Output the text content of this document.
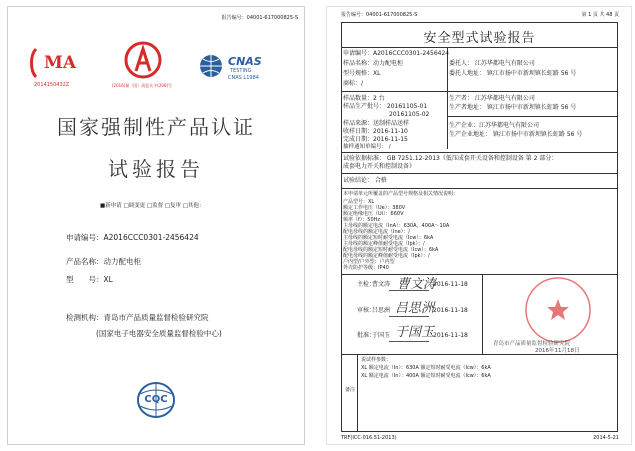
报告编号：04001-617000825-S
MA
2014150432Z	(2016)量（国）质监认字(208)号
CNAS
TESTING
CNAS L1984
国家强制性产品认证
试验报告
■新申请 □调变更 □监督 □复审 □其他：
申请编号：A2016CCC0301-2456424
产品名称：动力配电柜
型　　号：XL
检测机构：青岛市产品质量监督检验研究院
(国家电子电器安全质量监督检验中心)
CQC
报告编号：04001-617000825-S	第 1 页 共 48 页
安全型式试验报告
申请编号：A2016CCC0301-2456424
样品名称：动力配电柜
型号规格：XL
商标：/
样品数量：2 台
样品生产批号： 20161105-01
20161105-02
样品来源：送制样品送样
收样日期：2016-11-10
完成日期：2016-11-15
抽样通知单编号： /
委托人： 江苏华都电气有限公司
委托人地址： 镇江市扬中市新坝镇长虹路 56 号
生产者： 江苏华都电气有限公司
生产者地址： 镇江市扬中市新坝镇长虹路 56 号
生产企业：江苏华都电气有限公司
生产企业地址： 镇江市扬中市新坝镇长虹路 56 号
试验依据标准： GB 7251.12-2013《低压成套开关设备和控制设备 第 2 部分：
成套电力开关和控制设备》
试验结论： 合格
本申请单元所覆盖的产品型号规格及相关情况说明：
产品型号：XL
额定工作电压（Ue）：380V
额定绝缘电压（Ui）：660V
频率（f）：50Hz
主母线的额定电流（InA）：630A，400A～10A
配电母线的额定电流（Ine）：/
主母线的额定短时耐受电流（Icw）：6kA
主母线的额定峰值耐受电流（Ipk）：/
配电母线的额定短时耐受电流（Icw）：6kA
配电母线的额定峰值耐受电流（Ipk）：/
户内型/户外型：户内型
外壳防护等级：IP40
主检：
曹文涛 曹文涛
2016-11-18
审核：
吕思洲 吕思洲
2016-11-18
批准：
于国玉 于国玉
2016-11-18
青岛市产品质量监督检验研究院
2016年11月18日
备注
说试样参数：
XL 额定电流（In）：630A 额定短时耐受电流（Icw）：6kA
XL 额定电流（In）：400A 额定短时耐受电流（Icw）：6kA
TRF(ICC-016.51-2013)	2014-5-21
